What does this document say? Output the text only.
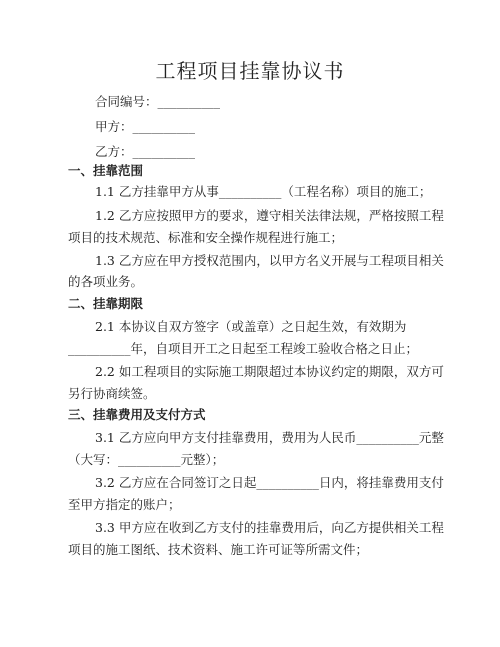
工程项目挂靠协议书
合同编号：__________
甲方：__________
乙方：__________
一、挂靠范围
1.1 乙方挂靠甲方从事__________（工程名称）项目的施工；
1.2 乙方应按照甲方的要求，遵守相关法律法规，严格按照工程
项目的技术规范、标准和安全操作规程进行施工；
1.3 乙方应在甲方授权范围内，以甲方名义开展与工程项目相关
的各项业务。
二、挂靠期限
2.1 本协议自双方签字（或盖章）之日起生效，有效期为
__________年，自项目开工之日起至工程竣工验收合格之日止；
2.2 如工程项目的实际施工期限超过本协议约定的期限，双方可
另行协商续签。
三、挂靠费用及支付方式
3.1 乙方应向甲方支付挂靠费用，费用为人民币__________元整
（大写：__________元整）；
3.2 乙方应在合同签订之日起__________日内，将挂靠费用支付
至甲方指定的账户；
3.3 甲方应在收到乙方支付的挂靠费用后，向乙方提供相关工程
项目的施工图纸、技术资料、施工许可证等所需文件；
